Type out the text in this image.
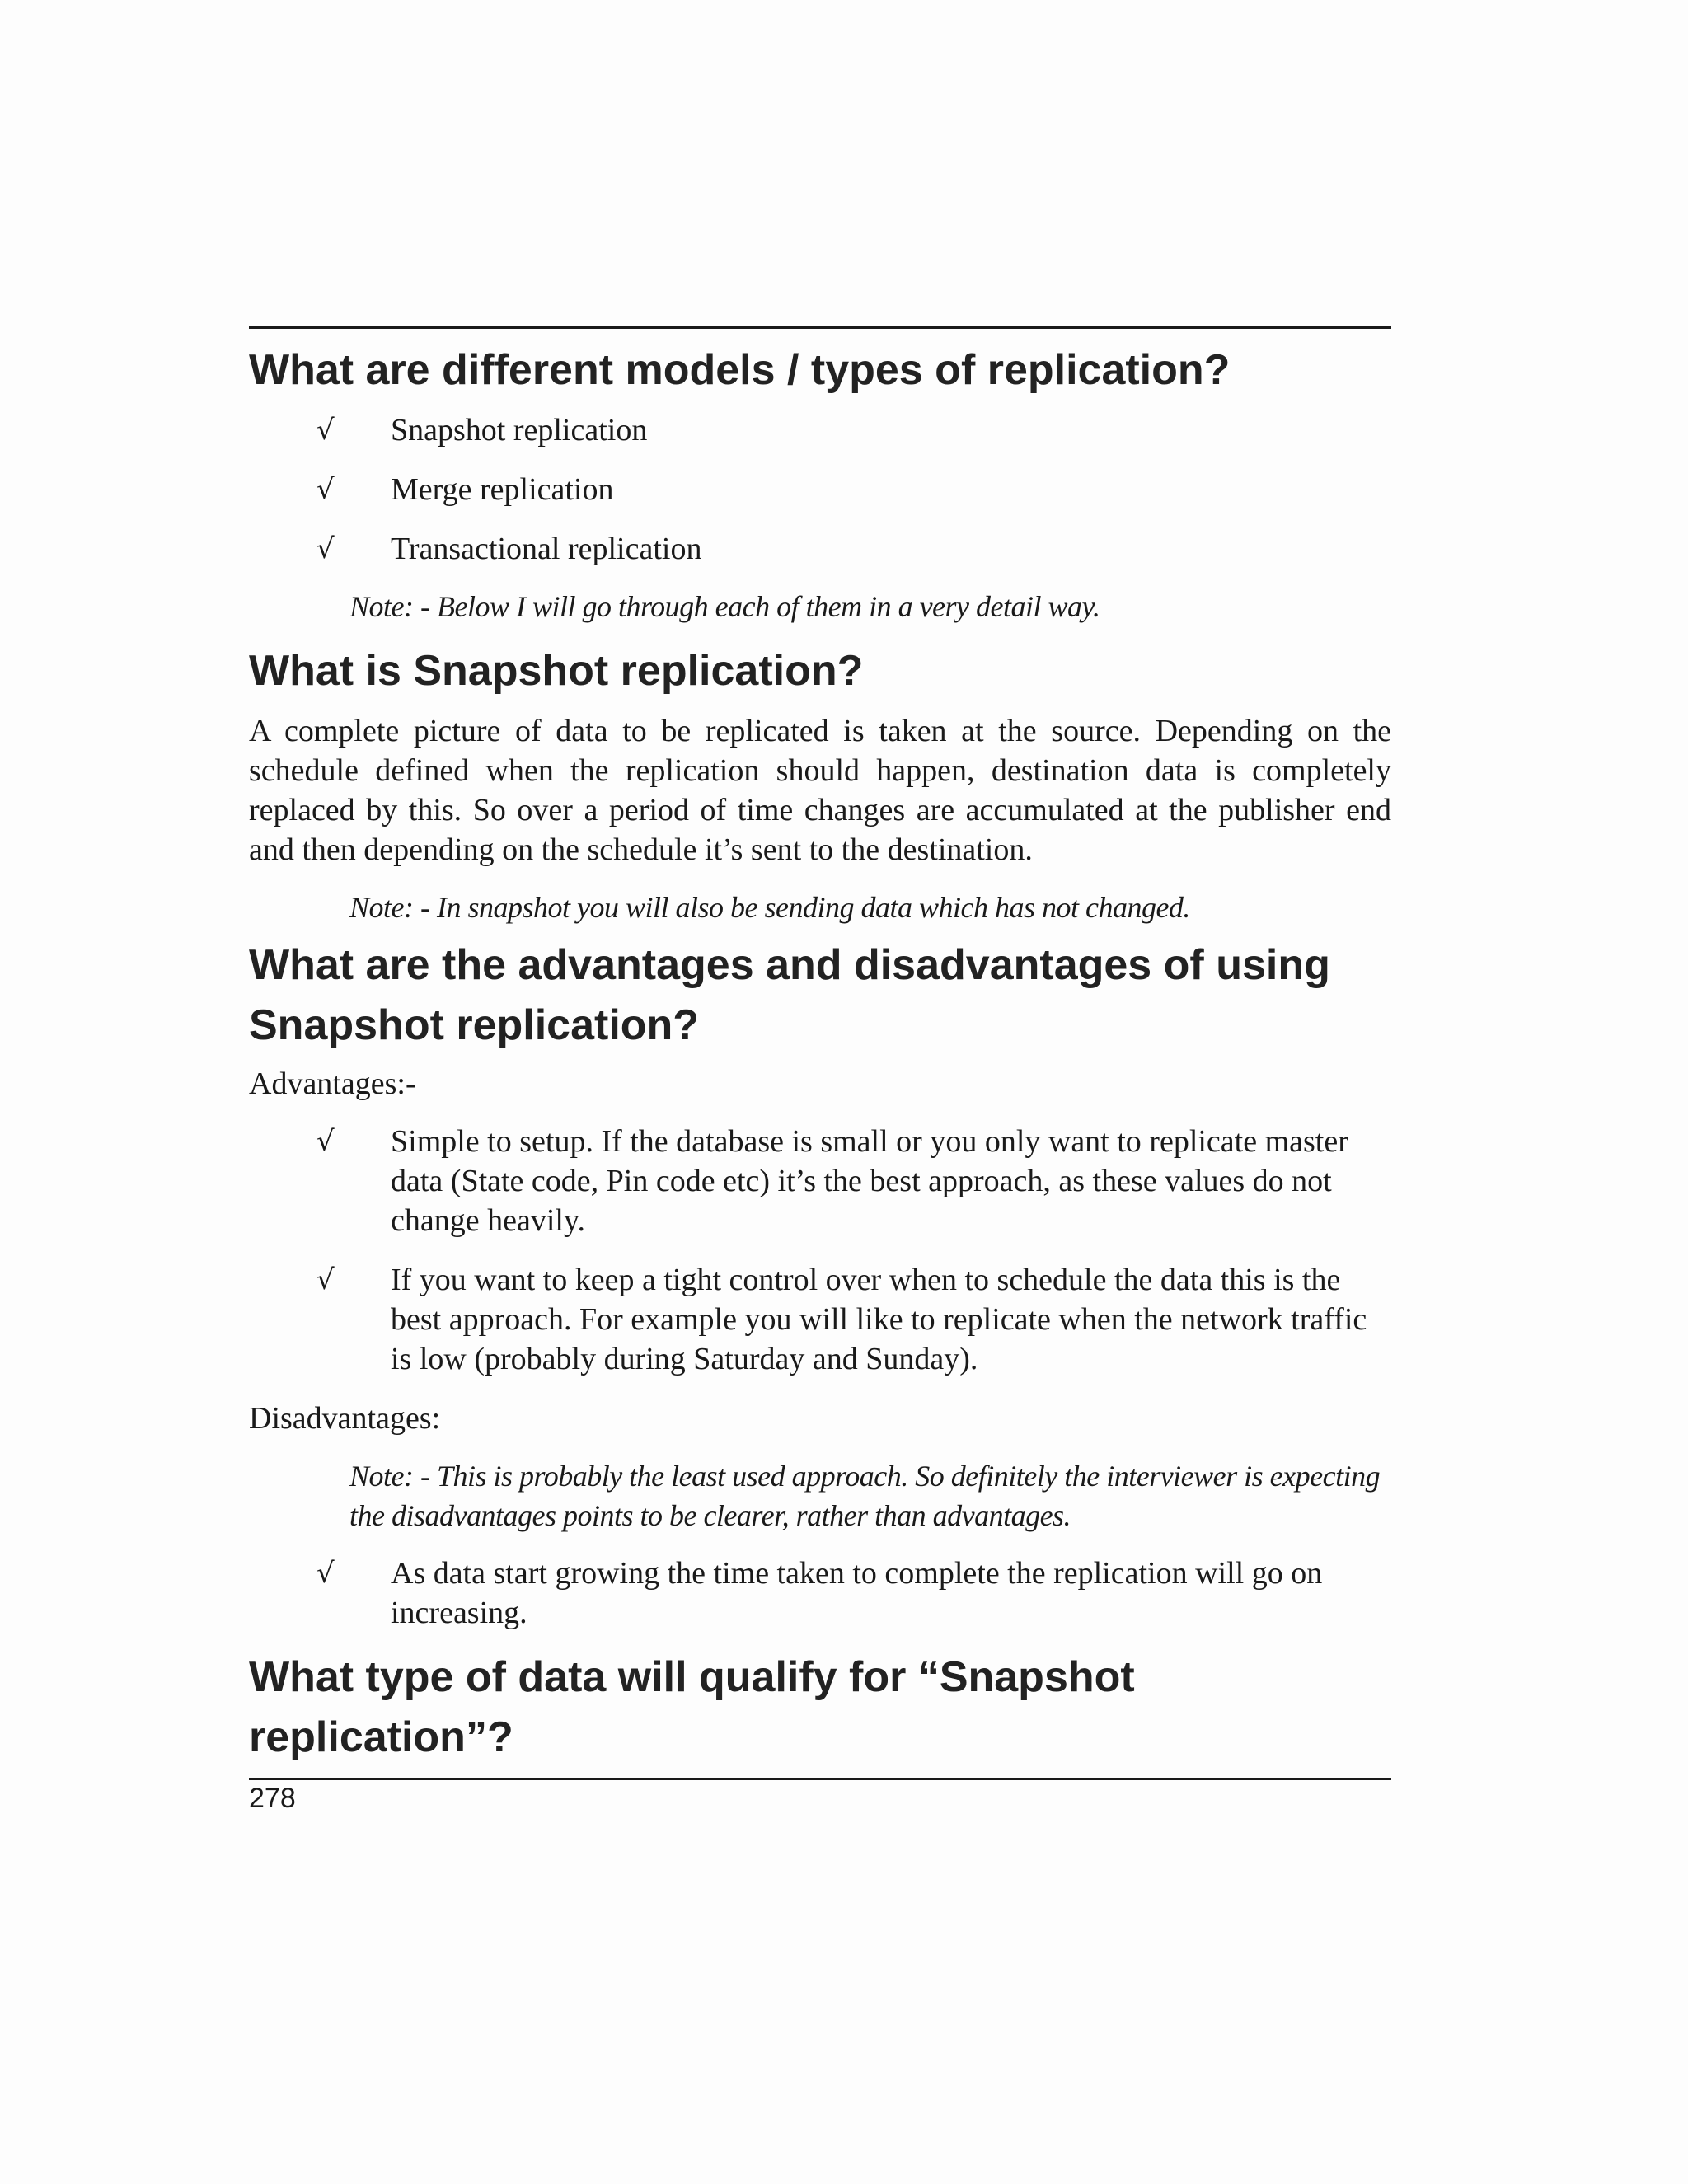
What are different models / types of replication?
√	Snapshot replication
√	Merge replication
√	Transactional replication

Note: - Below I will go through each of them in a very detail way.

What is Snapshot replication?

A complete picture of data to be replicated is taken at the source. Depending on the schedule defined when the replication should happen, destination data is completely replaced by this. So over a period of time changes are accumulated at the publisher end and then depending on the schedule it’s sent to the destination.

Note: - In snapshot you will also be sending data which has not changed.

What are the advantages and disadvantages of using
Snapshot replication?

Advantages:-

√	Simple to setup. If the database is small or you only want to replicate master data (State code, Pin code etc) it’s the best approach, as these values do not change heavily.
√	If you want to keep a tight control over when to schedule the data this is the best approach. For example you will like to replicate when the network traffic is low (probably during Saturday and Sunday).

Disadvantages:

Note: - This is probably the least used approach. So definitely the interviewer is expecting the disadvantages points to be clearer, rather than advantages.

√	As data start growing the time taken to complete the replication will go on increasing.
What type of data will qualify for “Snapshot
replication”?

278
